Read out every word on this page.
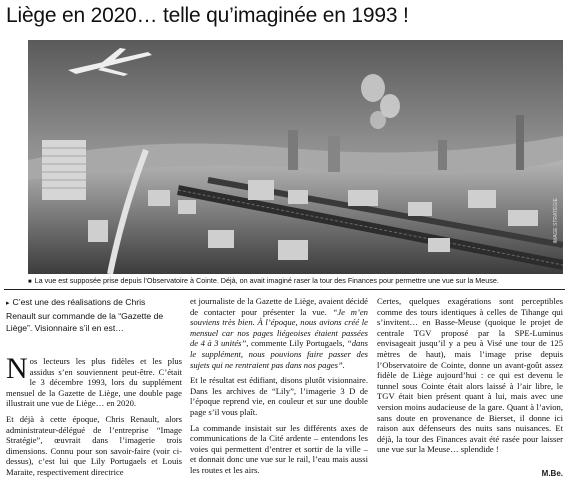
Liège en 2020… telle qu’imaginée en 1993 !
IMAGE STRATÉGIE
■ La vue est supposée prise depuis l’Observatoire à Cointe. Déjà, on avait imaginé raser la tour des Finances pour permettre une vue sur la Meuse.
▸ C’est une des réalisations de Chris
Renault sur commande de la “Gazette de
Liège”. Visionnaire s’il en est…

Nos lecteurs les plus fidèles et les plus assidus s’en souviennent peut-être. C’était le 3 décembre 1993, lors du supplément mensuel de la Gazette de Liège, une double page illustrait une vue de Liège… en 2020.

Et déjà à cette époque, Chris Renault, alors administrateur-délégué de l’entreprise “Image Stratégie”, œuvrait dans l’imagerie trois dimensions. Connu pour son savoir-faire (voir ci-dessus), c’est lui que Lily Portugaels et Louis Maraite, respectivement directrice

et journaliste de la Gazette de Liège, avaient décidé de contacter pour présenter la vue. “Je m’en souviens très bien. À l’époque, nous avions créé le mensuel car nos pages liégeoises étaient passées de 4 à 3 unités”, commente Lily Portugaels, “dans le supplément, nous pouvions faire passer des sujets qui ne rentraient pas dans nos pages”.

Et le résultat est édifiant, disons plutôt visionnaire. Dans les archives de “Lily”, l’imagerie 3 D de l’époque reprend vie, en couleur et sur une double page s’il vous plaît.

La commande insistait sur les différents axes de communications de la Cité ardente – entendons les voies qui permettent d’entrer et sortir de la ville – et donnait donc une vue sur le rail, l’eau mais aussi les routes et les airs.

Certes, quelques exagérations sont perceptibles comme des tours identiques à celles de Tihange qui s’invitent… en Basse-Meuse (quoique le projet de centrale TGV proposé par la SPE-Luminus envisageait jusqu’il y a peu à Visé une tour de 125 mètres de haut), mais l’image prise depuis l’Observatoire de Cointe, donne un avant-goût assez fidèle de Liège aujourd’hui : ce qui est devenu le tunnel sous Cointe était alors laissé à l’air libre, le TGV était bien présent quant à lui, mais avec une version moins audacieuse de la gare. Quant à l’avion, sans doute en provenance de Bierset, il donne ici raison aux défenseurs des nuits sans nuisances. Et déjà, la tour des Finances avait été rasée pour laisser une vue sur la Meuse… splendide !

M.Be.
